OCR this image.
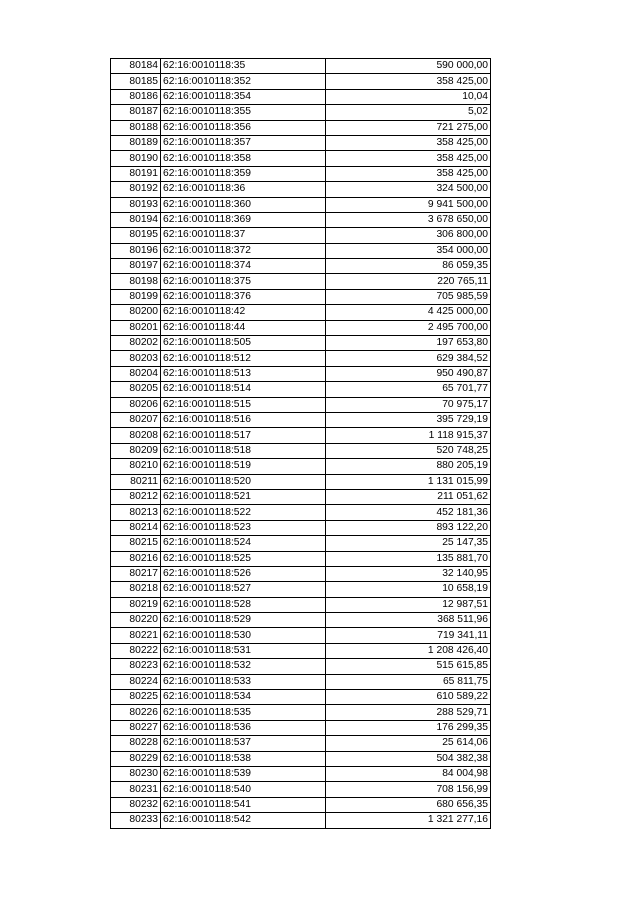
80184	62:16:0010118:35	590 000,00
80185	62:16:0010118:352	358 425,00
80186	62:16:0010118:354	10,04
80187	62:16:0010118:355	5,02
80188	62:16:0010118:356	721 275,00
80189	62:16:0010118:357	358 425,00
80190	62:16:0010118:358	358 425,00
80191	62:16:0010118:359	358 425,00
80192	62:16:0010118:36	324 500,00
80193	62:16:0010118:360	9 941 500,00
80194	62:16:0010118:369	3 678 650,00
80195	62:16:0010118:37	306 800,00
80196	62:16:0010118:372	354 000,00
80197	62:16:0010118:374	86 059,35
80198	62:16:0010118:375	220 765,11
80199	62:16:0010118:376	705 985,59
80200	62:16:0010118:42	4 425 000,00
80201	62:16:0010118:44	2 495 700,00
80202	62:16:0010118:505	197 653,80
80203	62:16:0010118:512	629 384,52
80204	62:16:0010118:513	950 490,87
80205	62:16:0010118:514	65 701,77
80206	62:16:0010118:515	70 975,17
80207	62:16:0010118:516	395 729,19
80208	62:16:0010118:517	1 118 915,37
80209	62:16:0010118:518	520 748,25
80210	62:16:0010118:519	880 205,19
80211	62:16:0010118:520	1 131 015,99
80212	62:16:0010118:521	211 051,62
80213	62:16:0010118:522	452 181,36
80214	62:16:0010118:523	893 122,20
80215	62:16:0010118:524	25 147,35
80216	62:16:0010118:525	135 881,70
80217	62:16:0010118:526	32 140,95
80218	62:16:0010118:527	10 658,19
80219	62:16:0010118:528	12 987,51
80220	62:16:0010118:529	368 511,96
80221	62:16:0010118:530	719 341,11
80222	62:16:0010118:531	1 208 426,40
80223	62:16:0010118:532	515 615,85
80224	62:16:0010118:533	65 811,75
80225	62:16:0010118:534	610 589,22
80226	62:16:0010118:535	288 529,71
80227	62:16:0010118:536	176 299,35
80228	62:16:0010118:537	25 614,06
80229	62:16:0010118:538	504 382,38
80230	62:16:0010118:539	84 004,98
80231	62:16:0010118:540	708 156,99
80232	62:16:0010118:541	680 656,35
80233	62:16:0010118:542	1 321 277,16
